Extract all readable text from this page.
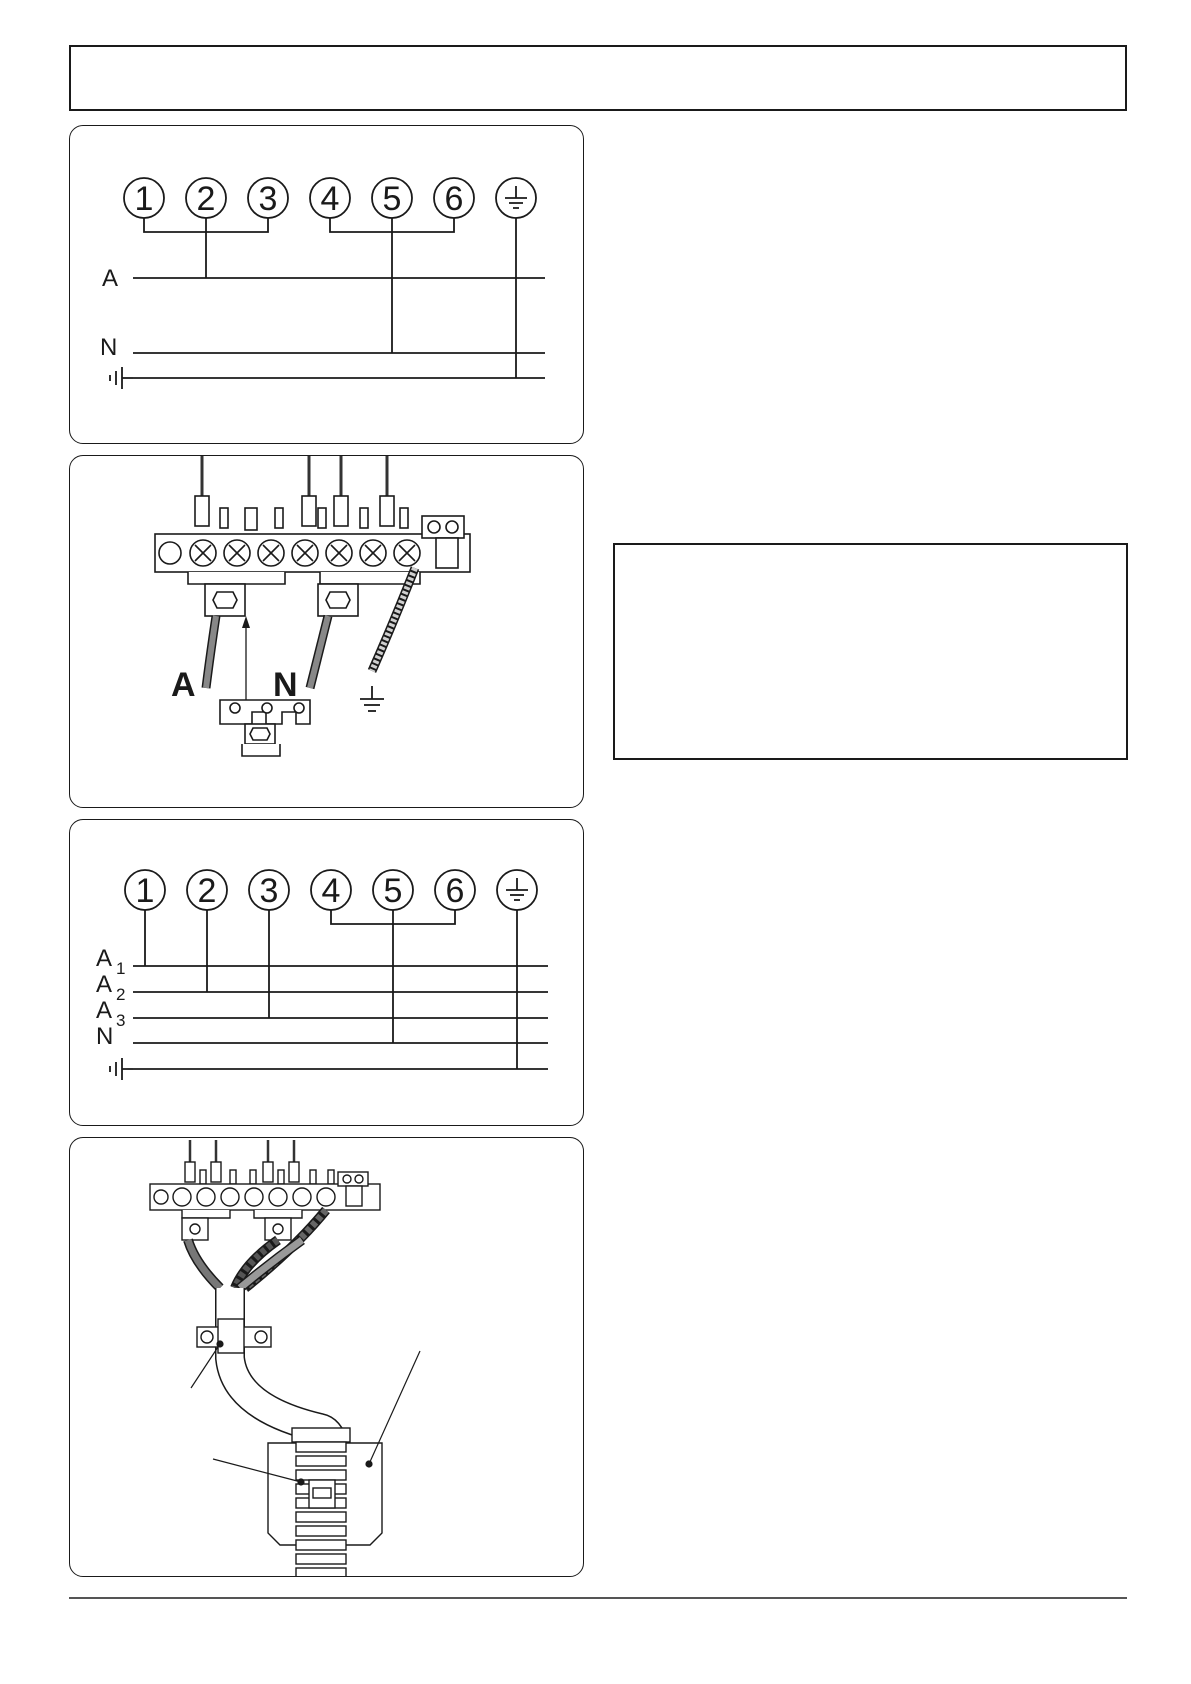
1 2 3 4 5 6
A
N
A N
1 2 3 4 5 6
A 1
A 2
A 3
N
